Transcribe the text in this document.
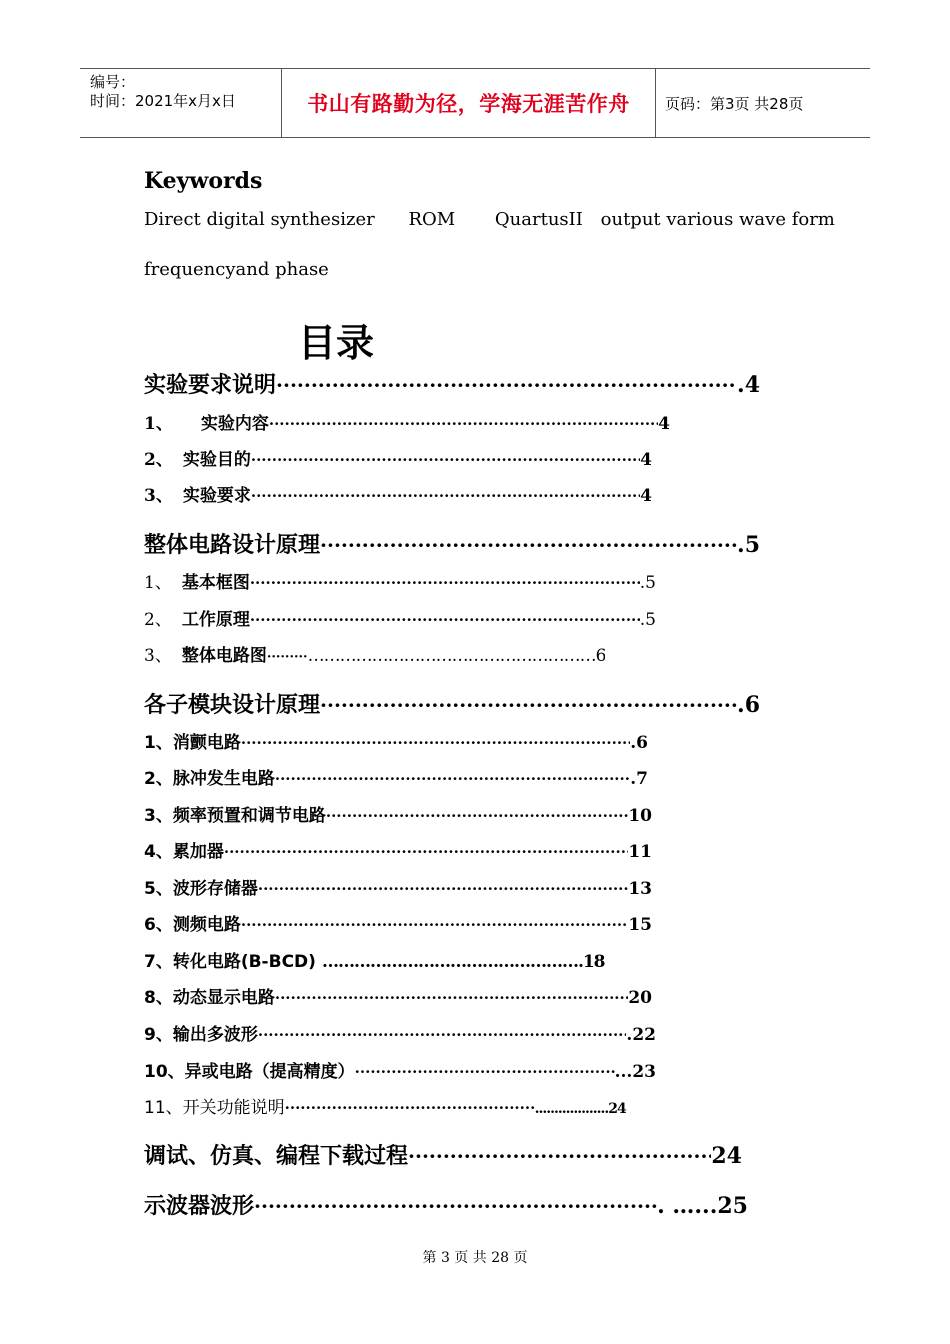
编号：
时间：2021年x月x日	书山有路勤为径，学海无涯苦作舟 页码：第3页 共28页
Keywords
Direct digital synthesizer ROM QuartusII output various wave form
frequencyand phase
目录
实验要求说明 ·····	.4
1、 实验内容 ·····	4
2、 实验目的 ·····	4
3、 实验要求 ·····	4
整体电路设计原理 ·····	.5
1、 基本框图 ·····	.5
2、 工作原理 ·····	.5
3、 整体电路图 ········· ………………………………………………6
各子模块设计原理 ·····	.6
1、消颤电路 ·····	.6
2、脉冲发生电路 ·····	.7
3、频率预置和调节电路 ·····	10
4、累加器 ·····	11
5、波形存储器 ·····	13
6、测频电路 ·····	15
7、转化电路(B-BCD) ………………………………………….18
8、动态显示电路 ·····	20
9、输出多波形 ·····	.22
10、异或电路（提高精度） ·····	...23
11、开关功能说明 ·····	...................24
调试、仿真、编程下载过程 ·····	24
示波器波形 ·····	. …...25
第 3 页 共 28 页
